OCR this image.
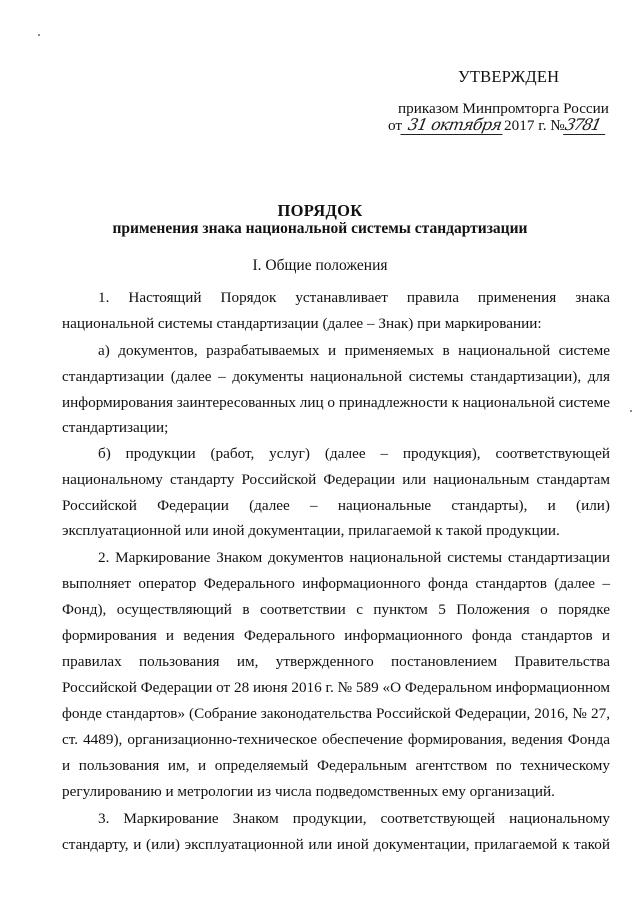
УТВЕРЖДЕН
приказом Минпромторга России
от 31 октября2017 г. №3781
ПОРЯДОК
применения знака национальной системы стандартизации
I. Общие положения
1. Настоящий Порядок устанавливает правила применения знака
национальной системы стандартизации (далее – Знак) при маркировании:
а) документов, разрабатываемых и применяемых в национальной системе
стандартизации (далее – документы национальной системы стандартизации), для
информирования заинтересованных лиц о принадлежности к национальной системе
стандартизации;
б) продукции (работ, услуг) (далее – продукция), соответствующей
национальному стандарту Российской Федерации или национальным стандартам
Российской Федерации (далее – национальные стандарты), и (или)
эксплуатационной или иной документации, прилагаемой к такой продукции.
2. Маркирование Знаком документов национальной системы стандартизации
выполняет оператор Федерального информационного фонда стандартов (далее –
Фонд), осуществляющий в соответствии с пунктом 5 Положения о порядке
формирования и ведения Федерального информационного фонда стандартов и
правилах пользования им, утвержденного постановлением Правительства
Российской Федерации от 28 июня 2016 г. № 589 «О Федеральном информационном
фонде стандартов» (Собрание законодательства Российской Федерации, 2016, № 27,
ст. 4489), организационно-техническое обеспечение формирования, ведения Фонда
и пользования им, и определяемый Федеральным агентством по техническому
регулированию и метрологии из числа подведомственных ему организаций.
3. Маркирование Знаком продукции, соответствующей национальному
стандарту, и (или) эксплуатационной или иной документации, прилагаемой к такой
